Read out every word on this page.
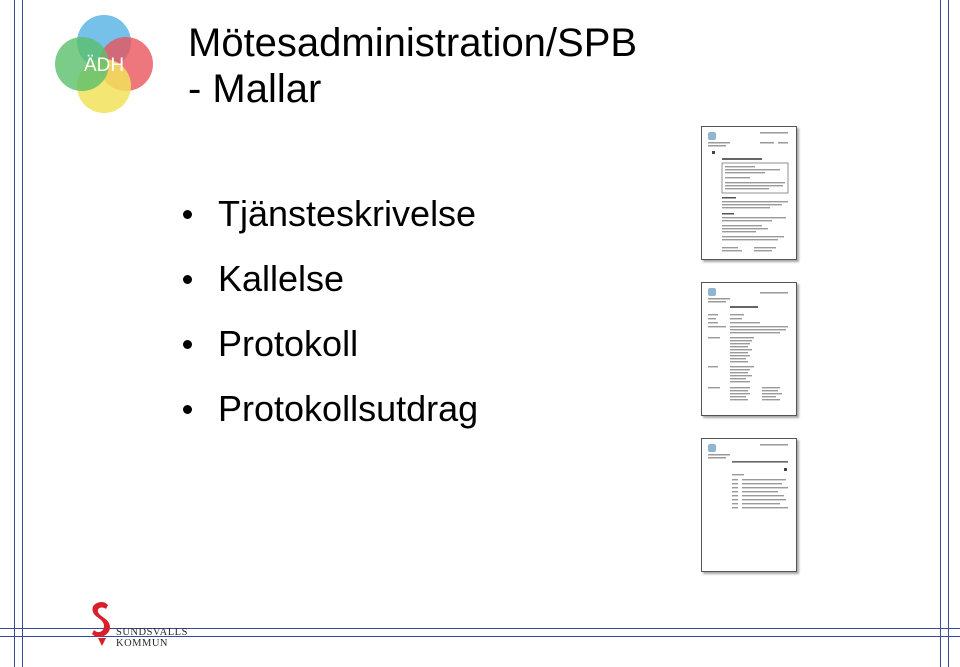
ÄDH
Mötesadministration/SPB
- Mallar
Tjänsteskrivelse
Kallelse
Protokoll
Protokollsutdrag
SUNDSVALLS
KOMMUN
